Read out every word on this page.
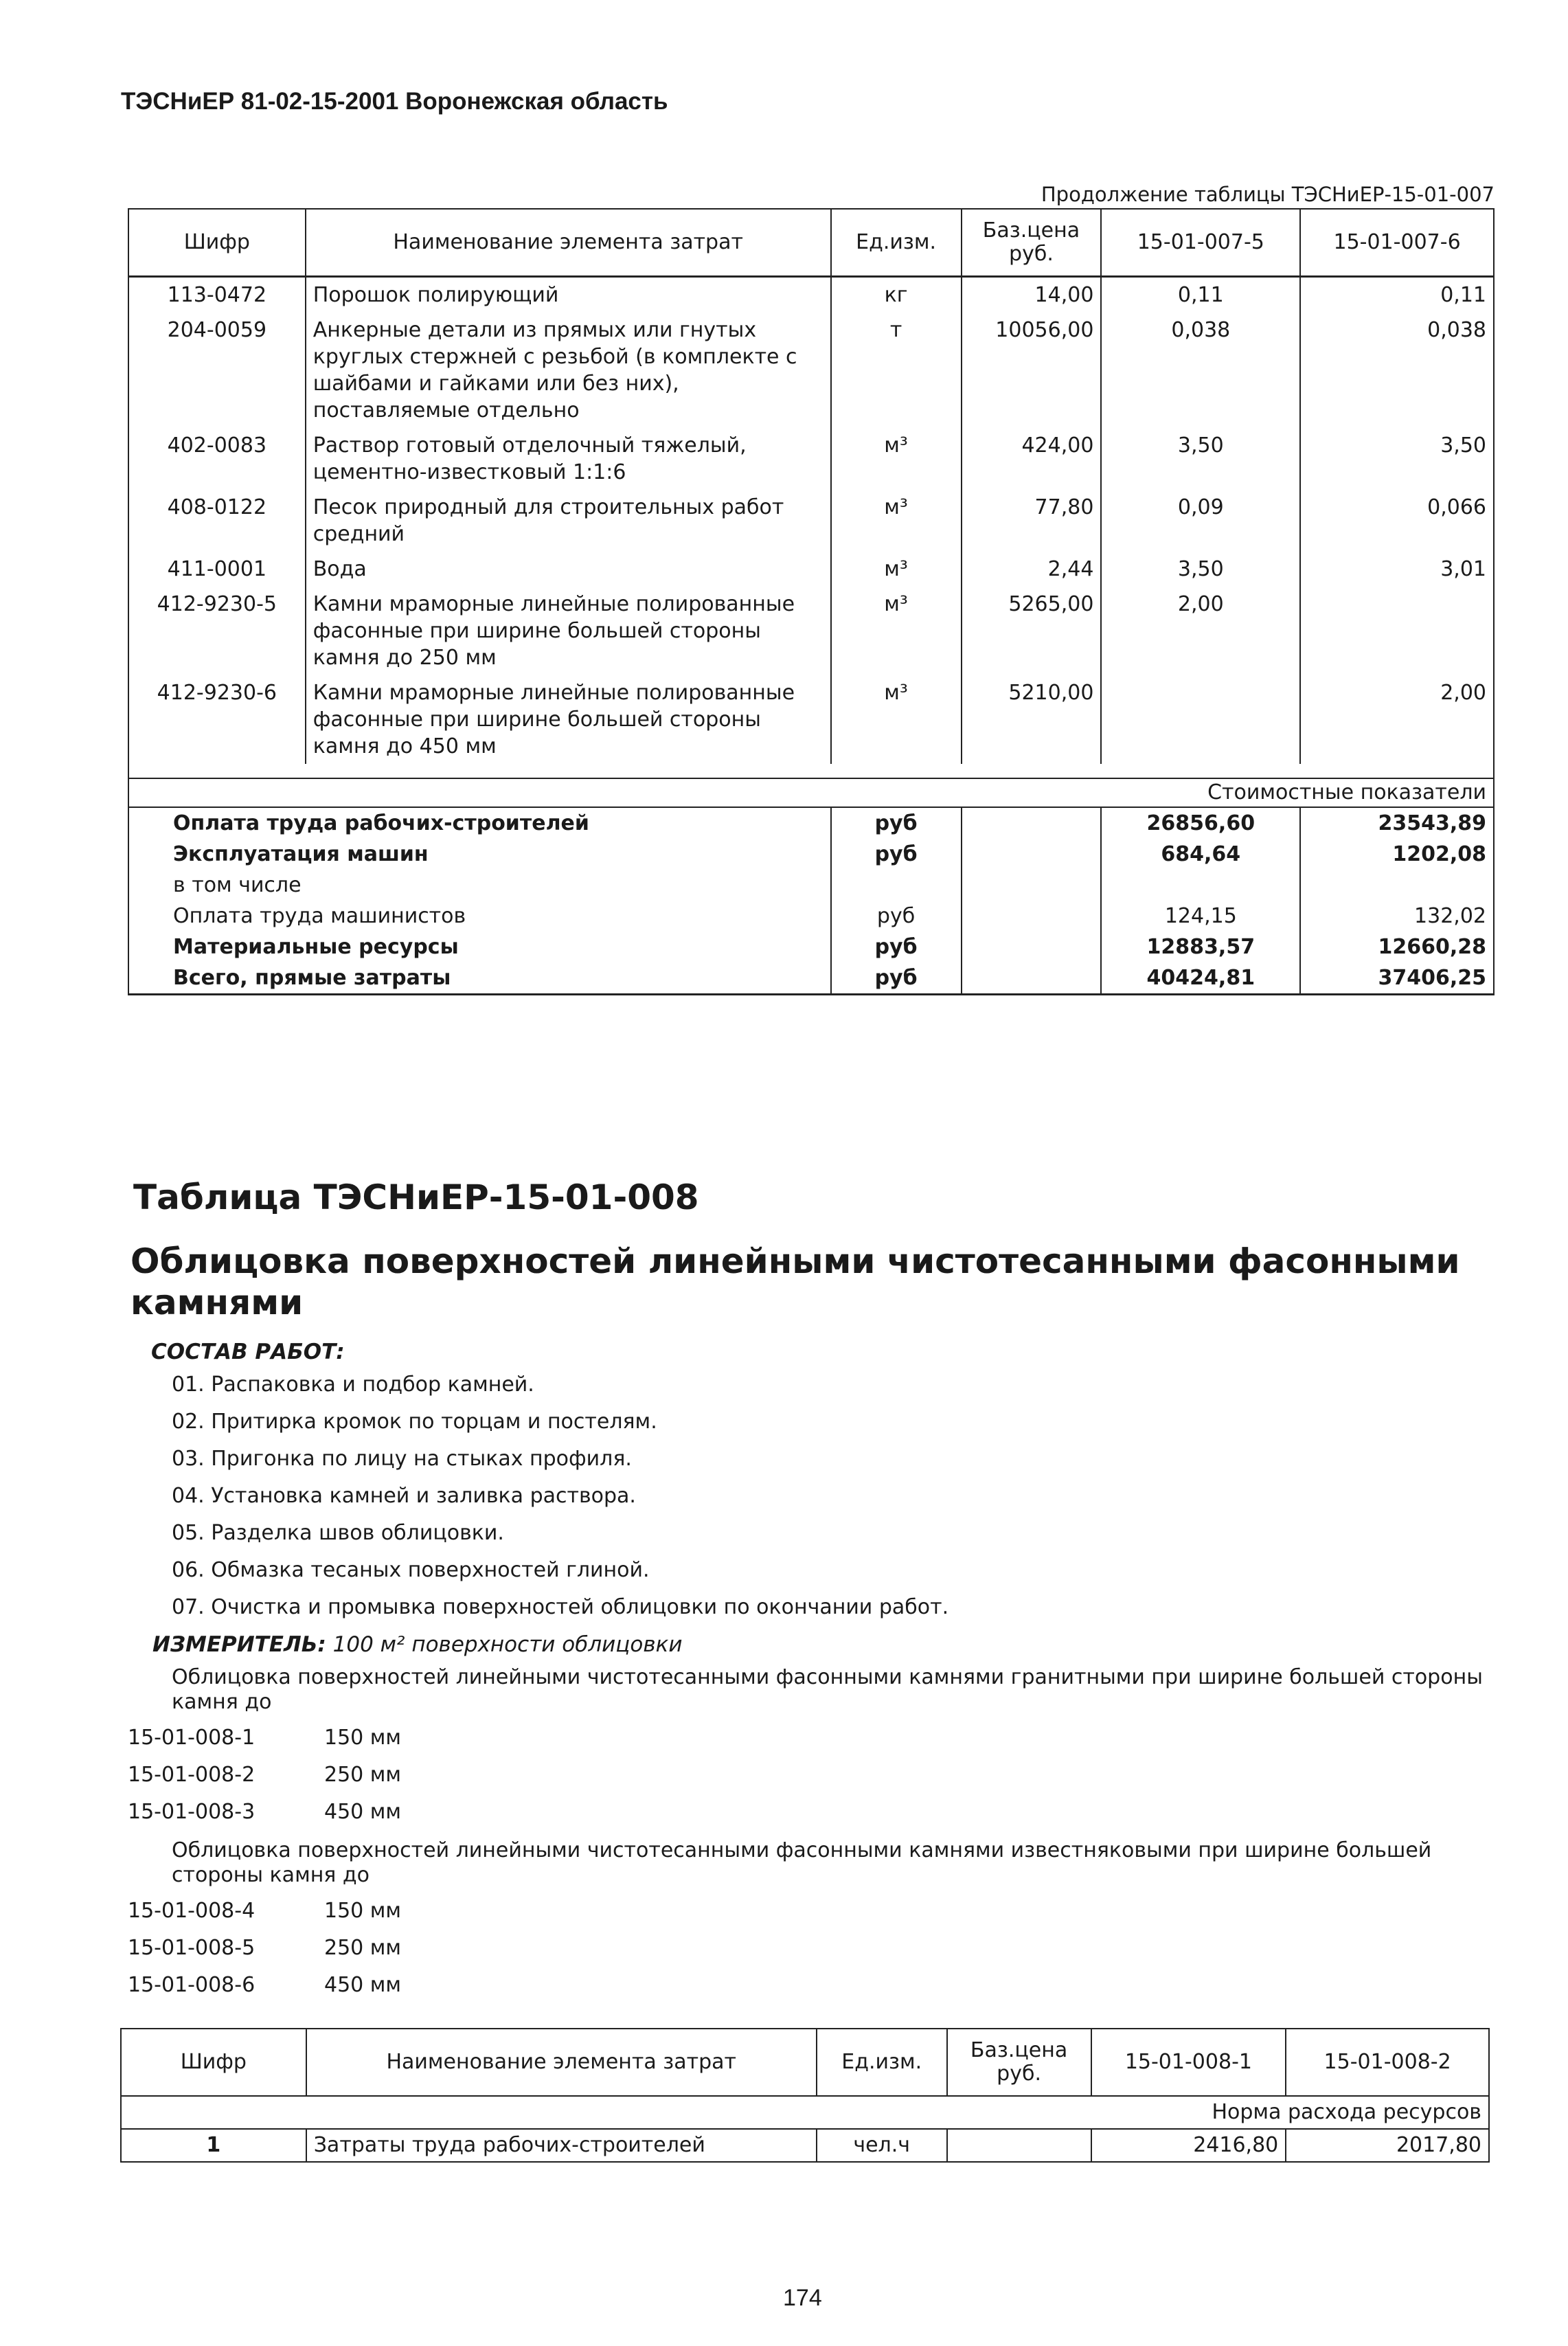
ТЭСНиЕР 81-02-15-2001 Воронежская область
Продолжение таблицы ТЭСНиЕР-15-01-007
Шифр	Наименование элемента затрат	Ед.изм.	Баз.цена руб.	15-01-007-5	15-01-007-6
113-0472	Порошок полирующий	кг	14,00	0,11	0,11
204-0059	Анкерные детали из прямых или гнутых круглых стержней с резьбой (в комплекте с шайбами и гайками или без них), поставляемые отдельно	т	10056,00	0,038	0,038
402-0083	Раствор готовый отделочный тяжелый, цементно-известковый 1:1:6	м³	424,00	3,50	3,50
408-0122	Песок природный для строительных работ средний	м³	77,80	0,09	0,066
411-0001	Вода	м³	2,44	3,50	3,01
412-9230-5	Камни мраморные линейные полированные фасонные при ширине большей стороны камня до 250 мм	м³	5265,00	2,00	
412-9230-6	Камни мраморные линейные полированные фасонные при ширине большей стороны камня до 450 мм	м³	5210,00		2,00

Стоимостные показатели					
Оплата труда рабочих-строителей		руб		26856,60	23543,89
Эксплуатация машин		руб		684,64	1202,08
в том числе					
Оплата труда машинистов		руб		124,15	132,02
Материальные ресурсы		руб		12883,57	12660,28
Всего, прямые затраты		руб		40424,81	37406,25
Таблица ТЭСНиЕР-15-01-008
Облицовка поверхностей линейными чистотесанными фасонными камнями
СОСТАВ РАБОТ:
01. Распаковка и подбор камней.
02. Притирка кромок по торцам и постелям.
03. Пригонка по лицу на стыках профиля.
04. Установка камней и заливка раствора.
05. Разделка швов облицовки.
06. Обмазка тесаных поверхностей глиной.
07. Очистка и промывка поверхностей облицовки по окончании работ.
ИЗМЕРИТЕЛЬ: 100 м² поверхности облицовки
Облицовка поверхностей линейными чистотесанными фасонными камнями гранитными при ширине большей стороны камня до
15-01-008-1	150 мм
15-01-008-2	250 мм
15-01-008-3	450 мм
Облицовка поверхностей линейными чистотесанными фасонными камнями известняковыми при ширине большей стороны камня до
15-01-008-4	150 мм
15-01-008-5	250 мм
15-01-008-6	450 мм
Шифр	Наименование элемента затрат	Ед.изм.	Баз.цена руб.	15-01-008-1	15-01-008-2
Норма расхода ресурсов					
1	Затраты труда рабочих-строителей	чел.ч		2416,80	2017,80
174
